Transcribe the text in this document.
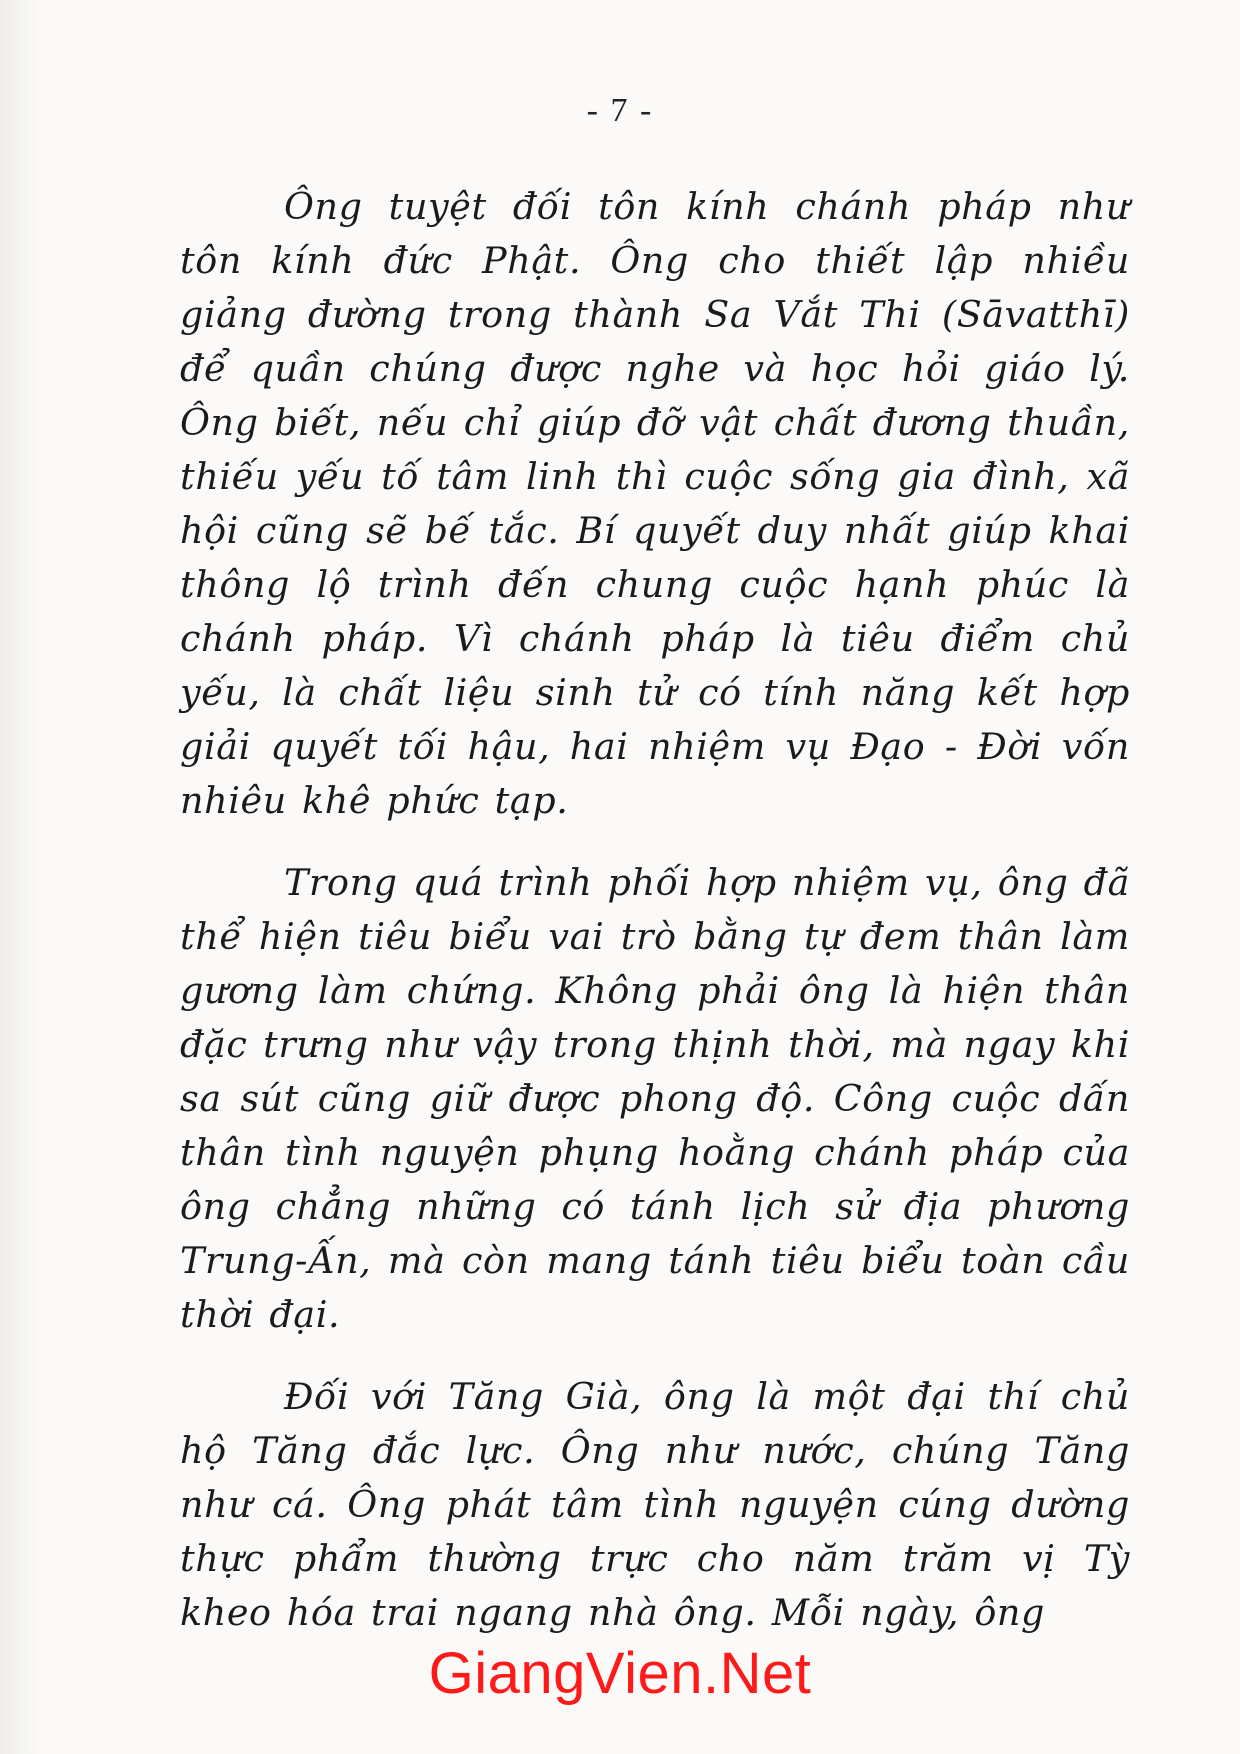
- 7 -

Ông tuyệt đối tôn kính chánh pháp như tôn kính đức Phật. Ông cho thiết lập nhiều giảng đường trong thành Sa Vắt Thi (Sāvatthī) để quần chúng được nghe và học hỏi giáo lý. Ông biết, nếu chỉ giúp đỡ vật chất đương thuần, thiếu yếu tố tâm linh thì cuộc sống gia đình, xã hội cũng sẽ bế tắc. Bí quyết duy nhất giúp khai thông lộ trình đến chung cuộc hạnh phúc là chánh pháp. Vì chánh pháp là tiêu điểm chủ yếu, là chất liệu sinh tử có tính năng kết hợp giải quyết tối hậu, hai nhiệm vụ Đạo - Đời vốn nhiêu khê phức tạp.

Trong quá trình phối hợp nhiệm vụ, ông đã thể hiện tiêu biểu vai trò bằng tự đem thân làm gương làm chứng. Không phải ông là hiện thân đặc trưng như vậy trong thịnh thời, mà ngay khi sa sút cũng giữ được phong độ. Công cuộc dấn thân tình nguyện phụng hoằng chánh pháp của ông chẳng những có tánh lịch sử địa phương Trung-Ấn, mà còn mang tánh tiêu biểu toàn cầu thời đại.

Đối với Tăng Già, ông là một đại thí chủ hộ Tăng đắc lực. Ông như nước, chúng Tăng như cá. Ông phát tâm tình nguyện cúng dường thực phẩm thường trực cho năm trăm vị Tỳ kheo hóa trai ngang nhà ông. Mỗi ngày, ông

GiangVien.Net
